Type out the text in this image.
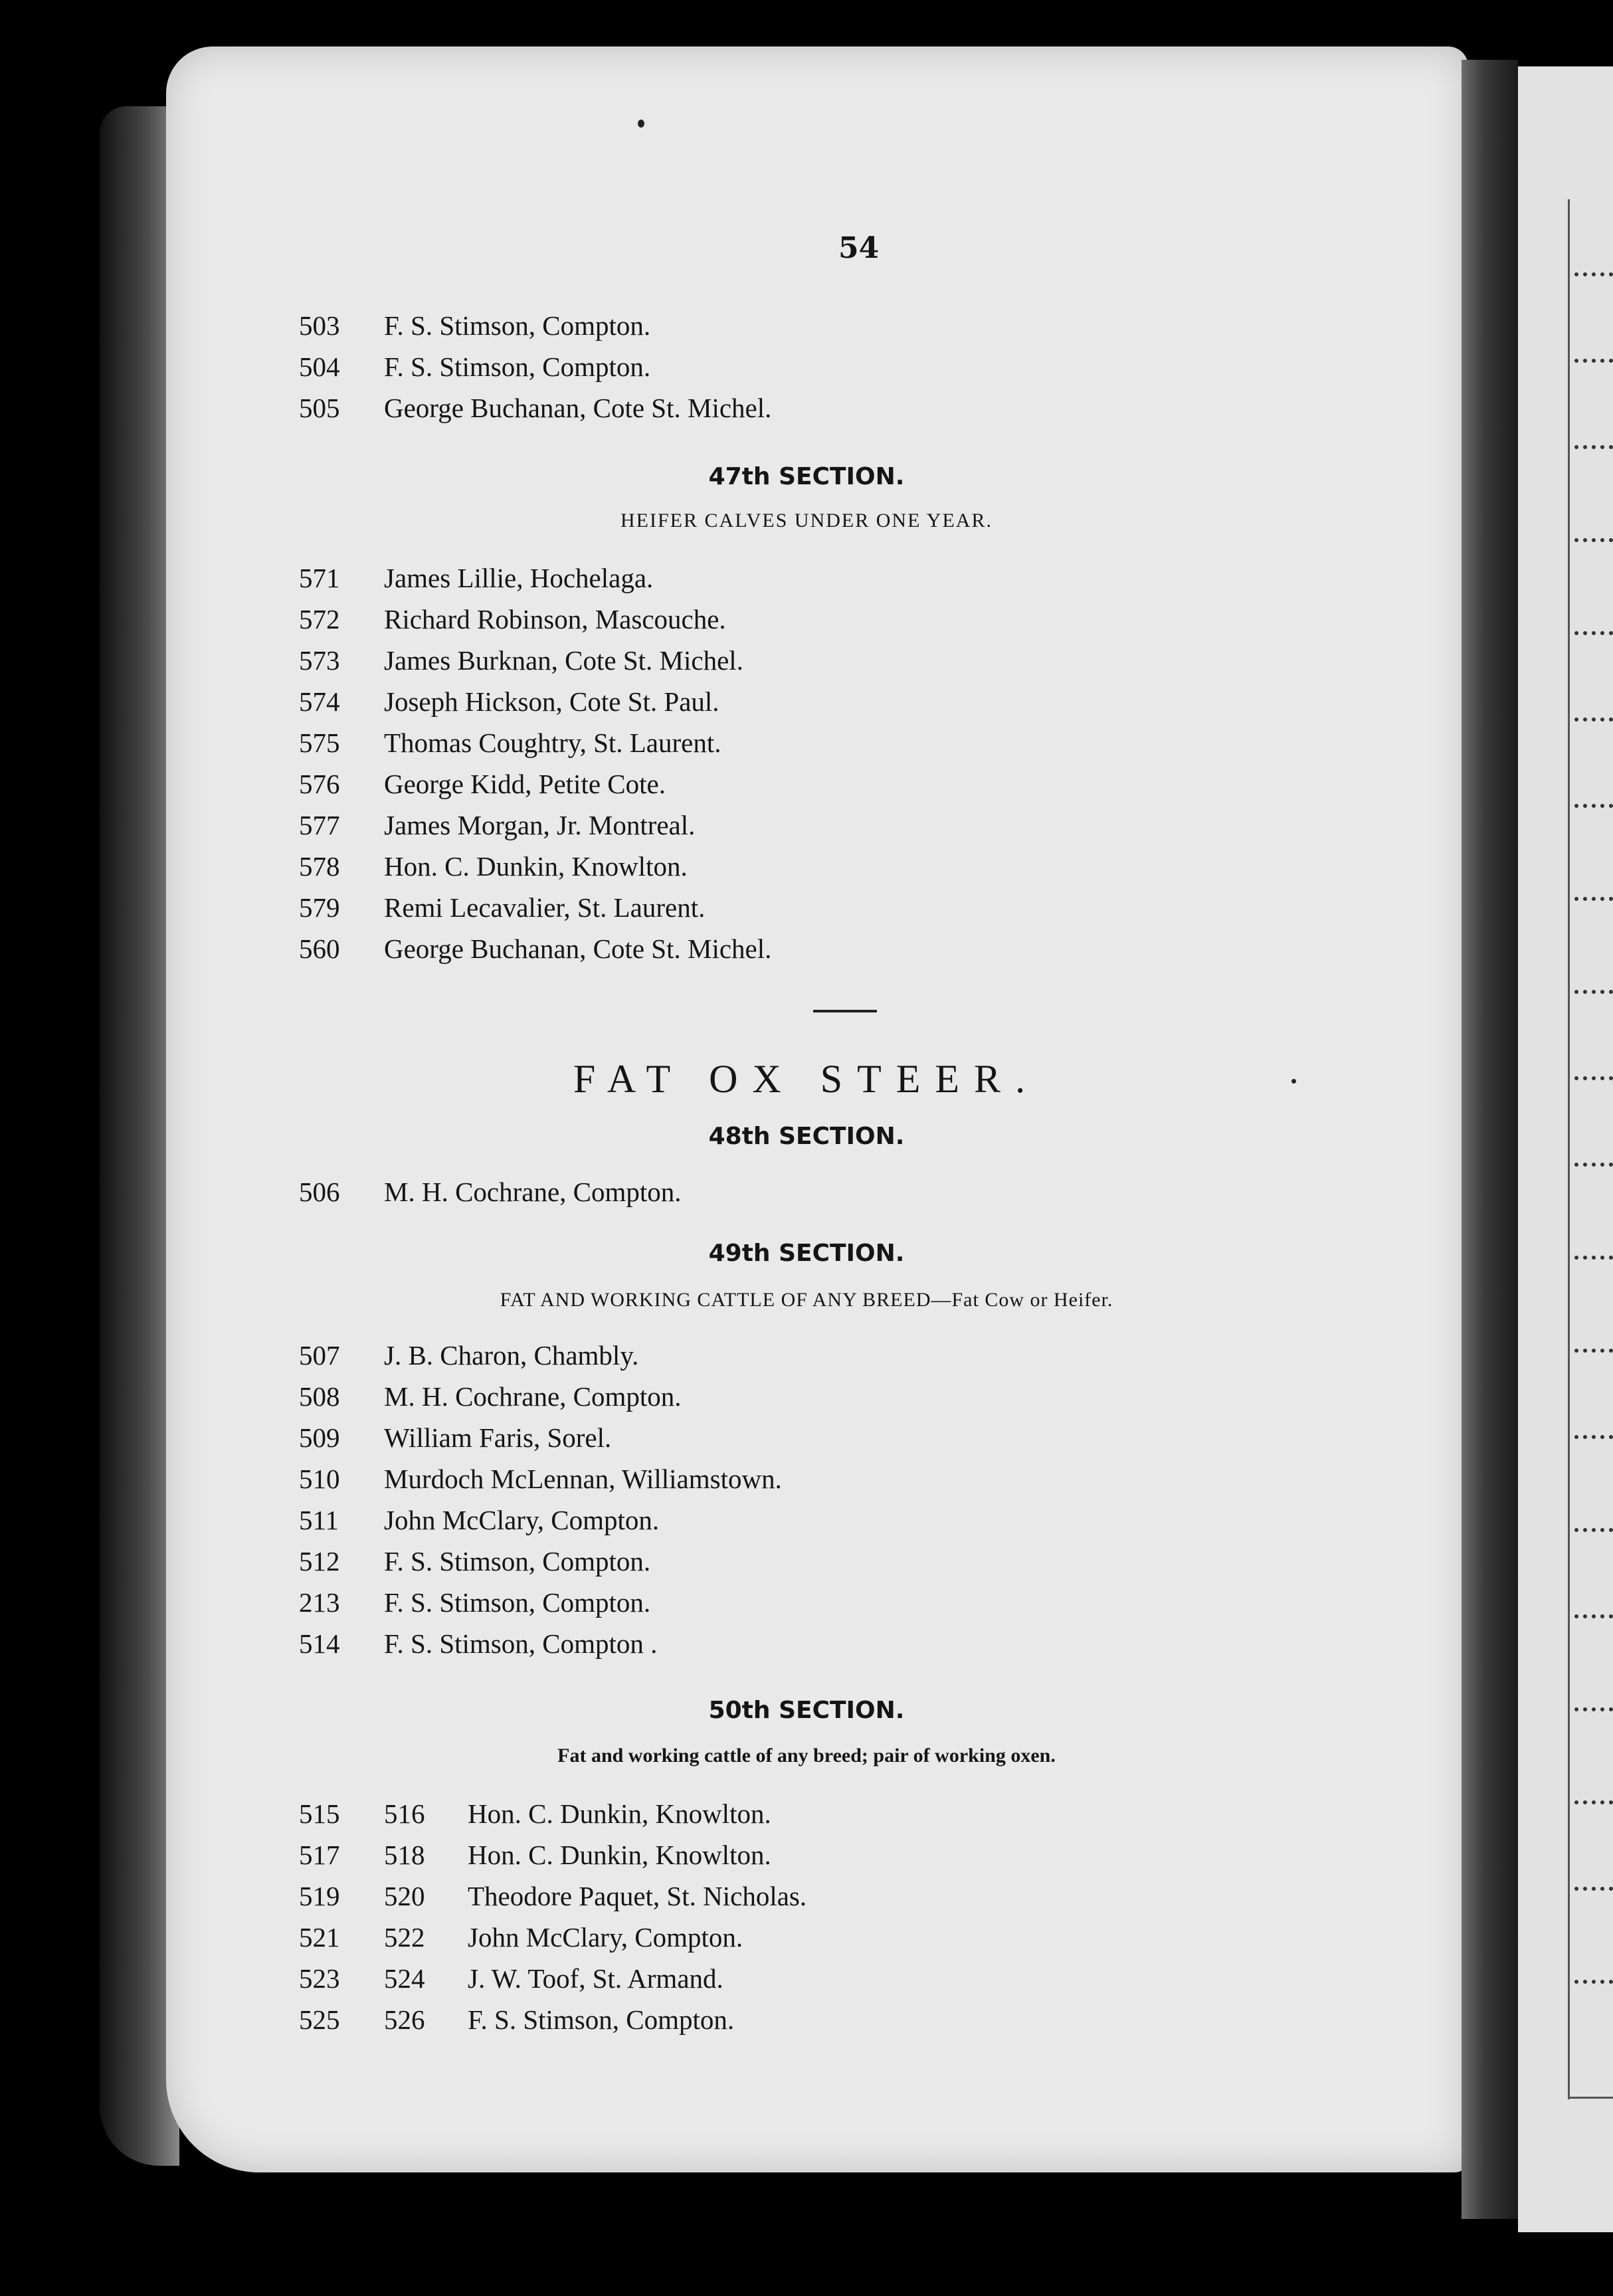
54
503 F. S. Stimson, Compton.
504 F. S. Stimson, Compton.
505 George Buchanan, Cote St. Michel.
47th SECTION.
HEIFER CALVES UNDER ONE YEAR.
571 James Lillie, Hochelaga.
572 Richard Robinson, Mascouche.
573 James Burknan, Cote St. Michel.
574 Joseph Hickson, Cote St. Paul.
575 Thomas Coughtry, St. Laurent.
576 George Kidd, Petite Cote.
577 James Morgan, Jr. Montreal.
578 Hon. C. Dunkin, Knowlton.
579 Remi Lecavalier, St. Laurent.
560 George Buchanan, Cote St. Michel.
FAT OX STEER.
48th SECTION.
506 M. H. Cochrane, Compton.
49th SECTION.
FAT AND WORKING CATTLE OF ANY BREED—Fat Cow or Heifer.
507 J. B. Charon, Chambly.
508 M. H. Cochrane, Compton.
509 William Faris, Sorel.
510 Murdoch McLennan, Williamstown.
511 John McClary, Compton.
512 F. S. Stimson, Compton.
213 F. S. Stimson, Compton.
514 F. S. Stimson, Compton .
50th SECTION.
Fat and working cattle of any breed; pair of working oxen.
515 516 Hon. C. Dunkin, Knowlton.
517 518 Hon. C. Dunkin, Knowlton.
519 520 Theodore Paquet, St. Nicholas.
521 522 John McClary, Compton.
523 524 J. W. Toof, St. Armand.
525 526 F. S. Stimson, Compton.
